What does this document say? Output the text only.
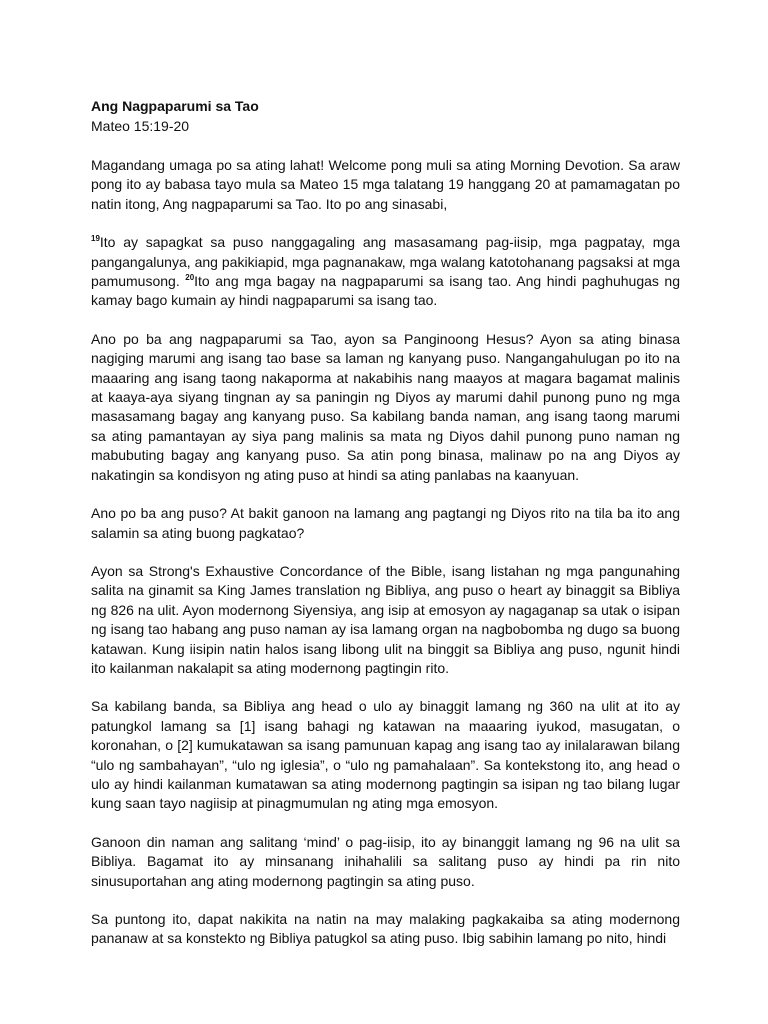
Ang Nagpaparumi sa Tao
Mateo 15:19-20

Magandang umaga po sa ating lahat! Welcome pong muli sa ating Morning Devotion. Sa araw pong ito ay babasa tayo mula sa Mateo 15 mga talatang 19 hanggang 20 at pamamagatan po natin itong, Ang nagpaparumi sa Tao. Ito po ang sinasabi,

$^{19}$Ito ay sapagkat sa puso nanggagaling ang masasamang pag-iisip, mga pagpatay, mga pangangalunya, ang pakikiapid, mga pagnanakaw, mga walang katotohanang pagsaksi at mga pamumusong. $^{20}$Ito ang mga bagay na nagpaparumi sa isang tao. Ang hindi paghuhugas ng kamay bago kumain ay hindi nagpaparumi sa isang tao.

Ano po ba ang nagpaparumi sa Tao, ayon sa Panginoong Hesus? Ayon sa ating binasa nagiging marumi ang isang tao base sa laman ng kanyang puso. Nangangahulugan po ito na maaaring ang isang taong nakaporma at nakabihis nang maayos at magara bagamat malinis at kaaya-aya siyang tingnan ay sa paningin ng Diyos ay marumi dahil punong puno ng mga masasamang bagay ang kanyang puso. Sa kabilang banda naman, ang isang taong marumi sa ating pamantayan ay siya pang malinis sa mata ng Diyos dahil punong puno naman ng mabubuting bagay ang kanyang puso. Sa atin pong binasa, malinaw po na ang Diyos ay nakatingin sa kondisyon ng ating puso at hindi sa ating panlabas na kaanyuan.

Ano po ba ang puso? At bakit ganoon na lamang ang pagtangi ng Diyos rito na tila ba ito ang salamin sa ating buong pagkatao?

Ayon sa Strong's Exhaustive Concordance of the Bible, isang listahan ng mga pangunahing salita na ginamit sa King James translation ng Bibliya, ang puso o heart ay binaggit sa Bibliya ng 826 na ulit. Ayon modernong Siyensiya, ang isip at emosyon ay nagaganap sa utak o isipan ng isang tao habang ang puso naman ay isa lamang organ na nagbobomba ng dugo sa buong katawan. Kung iisipin natin halos isang libong ulit na binggit sa Bibliya ang puso, ngunit hindi ito kailanman nakalapit sa ating modernong pagtingin rito.

Sa kabilang banda, sa Bibliya ang head o ulo ay binaggit lamang ng 360 na ulit at ito ay patungkol lamang sa [1] isang bahagi ng katawan na maaaring iyukod, masugatan, o koronahan, o [2] kumukatawan sa isang pamunuan kapag ang isang tao ay inilalarawan bilang “ulo ng sambahayan”, “ulo ng iglesia”, o “ulo ng pamahalaan”. Sa kontekstong ito, ang head o ulo ay hindi kailanman kumatawan sa ating modernong pagtingin sa isipan ng tao bilang lugar kung saan tayo nagiisip at pinagmumulan ng ating mga emosyon.

Ganoon din naman ang salitang ‘mind’ o pag-iisip, ito ay binanggit lamang ng 96 na ulit sa Bibliya. Bagamat ito ay minsanang inihahalili sa salitang puso ay hindi pa rin nito sinusuportahan ang ating modernong pagtingin sa ating puso.

Sa puntong ito, dapat nakikita na natin na may malaking pagkakaiba sa ating modernong pananaw at sa konstekto ng Bibliya patugkol sa ating puso. Ibig sabihin lamang po nito, hindi
